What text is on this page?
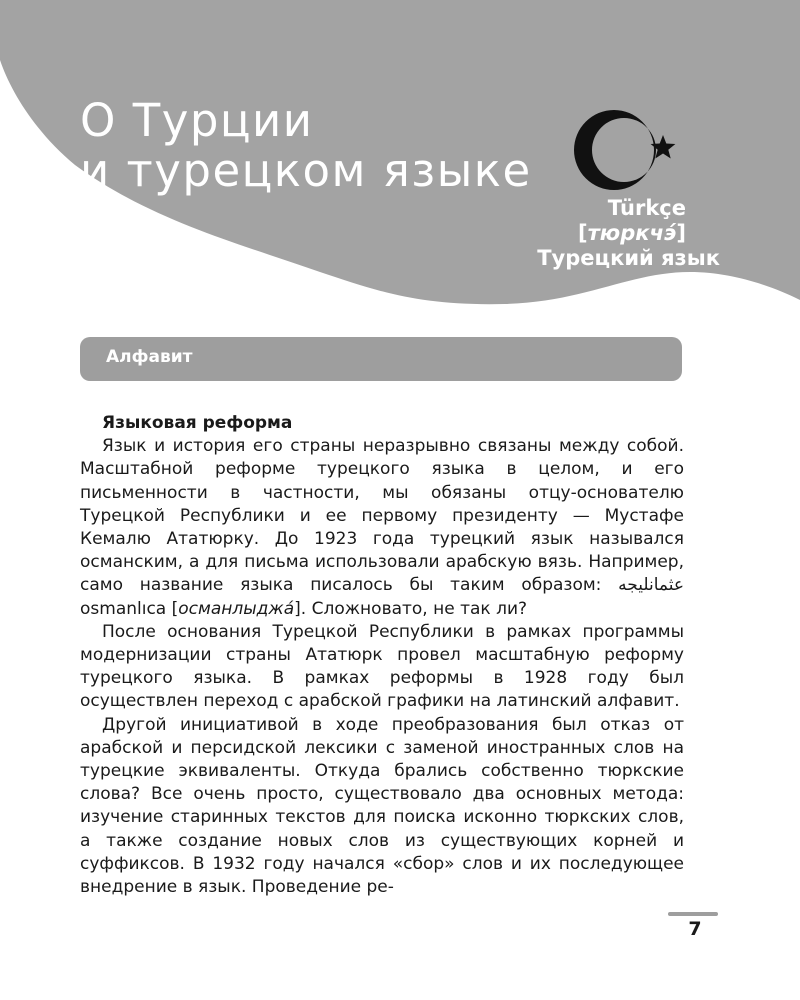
О Турции
и турецком языке
Türkçe
[тюркчэ́]
Турецкий язык
Алфавит
Языковая реформа

Язык и история его страны неразрывно связаны между собой. Масштабной реформе турецкого языка в целом, и его письменности в частности, мы обязаны отцу-основателю Турецкой Республики и ее первому президенту — Мустафе Кемалю Ататюрку. До 1923 года турецкий язык назывался османским, а для письма использовали арабскую вязь. Например, само название языка писалось бы таким образом: عثمانلیجه osmanlıca [османлыджа́]. Сложновато, не так ли?

После основания Турецкой Республики в рамках программы модернизации страны Ататюрк провел масштабную реформу турецкого языка. В рамках реформы в 1928 году был осуществлен переход с арабской графики на латинский алфавит.

Другой инициативой в ходе преобразования был отказ от арабской и персидской лексики с заменой иностранных слов на турецкие эквиваленты. Откуда брались собственно тюркские слова? Все очень просто, существовало два основных метода: изучение старинных текстов для поиска исконно тюркских слов, а также создание новых слов из существующих корней и суффиксов. В 1932 году начался «сбор» слов и их последующее внедрение в язык. Проведение ре-

7
